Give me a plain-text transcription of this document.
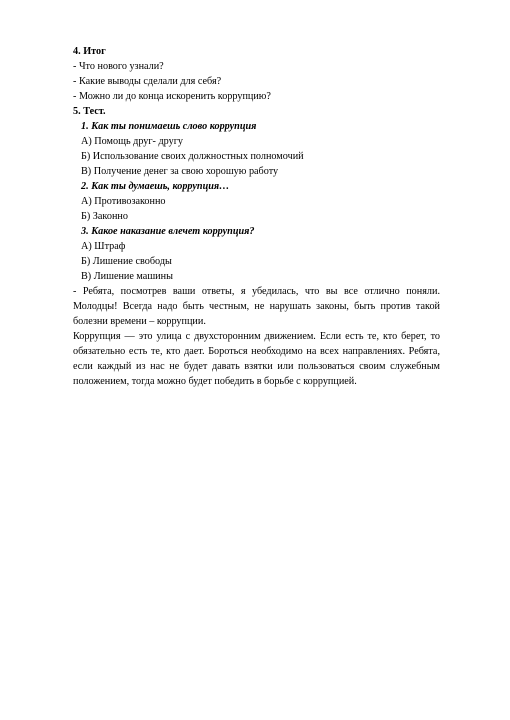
4. Итог
- Что нового узнали?
- Какие выводы сделали для себя?
- Можно ли до конца искоренить коррупцию?
5. Тест.
1. Как ты понимаешь слово коррупция
А) Помощь друг- другу
Б) Использование своих должностных полномочий
В) Получение денег за свою хорошую работу
2. Как ты думаешь, коррупция…
А) Противозаконно
Б) Законно
3. Какое наказание влечет коррупция?
А) Штраф
Б) Лишение свободы
В) Лишение машины
- Ребята, посмотрев ваши ответы, я убедилась, что вы все отлично поняли. Молодцы! Всегда надо быть честным, не нарушать законы, быть против такой болезни времени – коррупции.
Коррупция — это улица с двухсторонним движением. Если есть те, кто берет, то обязательно есть те, кто дает. Бороться необходимо на всех направлениях. Ребята, если каждый из нас не будет давать взятки или пользоваться своим служебным положением, тогда можно будет победить в борьбе с коррупцией.
